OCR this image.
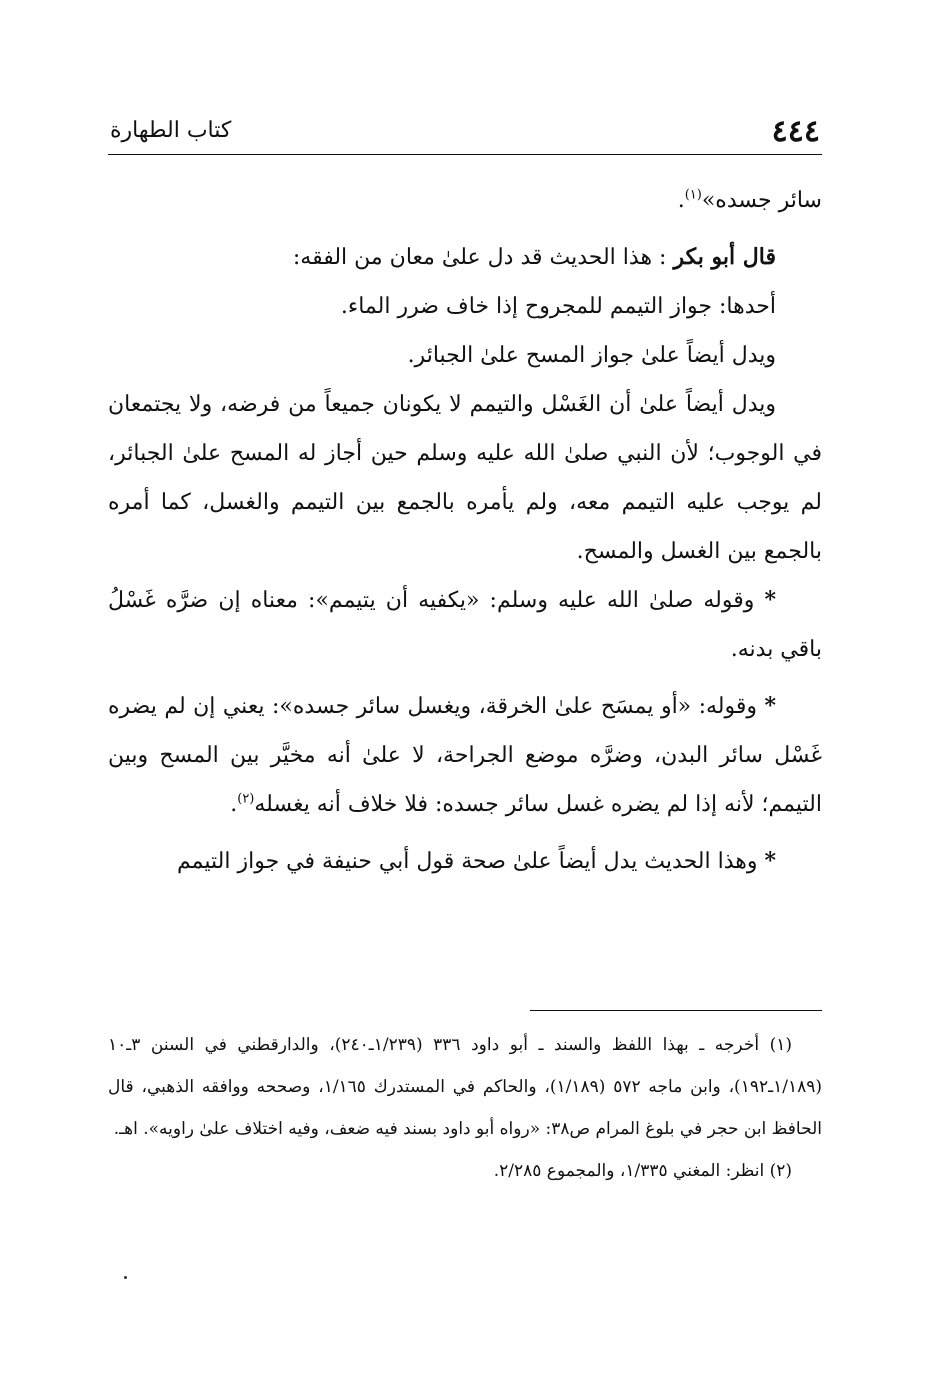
٤٤٤
كتاب الطهارة

سائر جسده»$^{(١)}$.

قال أبو بكر : هذا الحديث قد دل علىٰ معان من الفقه:

أحدها: جواز التيمم للمجروح إذا خاف ضرر الماء.

ويدل أيضاً علىٰ جواز المسح علىٰ الجبائر.

ويدل أيضاً علىٰ أن الغَسْل والتيمم لا يكونان جميعاً من فرضه، ولا يجتمعان في الوجوب؛ لأن النبي صلىٰ الله عليه وسلم حين أجاز له المسح علىٰ الجبائر، لم يوجب عليه التيمم معه، ولم يأمره بالجمع بين التيمم والغسل، كما أمره بالجمع بين الغسل والمسح.

* وقوله صلىٰ الله عليه وسلم: «يكفيه أن يتيمم»: معناه إن ضرَّه غَسْلُ باقي بدنه.

* وقوله: «أو يمسَح علىٰ الخرقة، ويغسل سائر جسده»: يعني إن لم يضره غَسْل سائر البدن، وضرَّه موضع الجراحة، لا علىٰ أنه مخيَّر بين المسح وبين التيمم؛ لأنه إذا لم يضره غسل سائر جسده: فلا خلاف أنه يغسله$^{(٢)}$.

* وهذا الحديث يدل أيضاً علىٰ صحة قول أبي حنيفة في جواز التيمم

(١) أخرجه ـ بهذا اللفظ والسند ـ أبو داود ٣٣٦ (١/٢٣٩ـ٢٤٠)، والدارقطني في السنن ٣ـ١٠ (١/١٨٩ـ١٩٢)، وابن ماجه ٥٧٢ (١/١٨٩)، والحاكم في المستدرك ١/١٦٥، وصححه ووافقه الذهبي، قال الحافظ ابن حجر في بلوغ المرام ص٣٨: «رواه أبو داود بسند فيه ضعف، وفيه اختلاف علىٰ راويه». اهـ.

(٢) انظر: المغني ١/٣٣٥، والمجموع ٢/٢٨٥.
